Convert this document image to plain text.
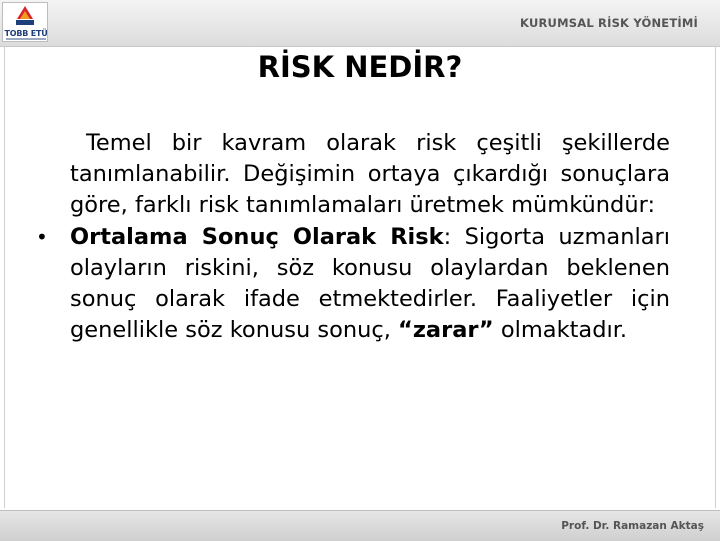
TOBB ETÜ
KURUMSAL RİSK YÖNETİMİ
RİSK NEDİR?

Temel bir kavram olarak risk çeşitli şekillerde tanımlanabilir. Değişimin ortaya çıkardığı sonuçlara göre, farklı risk tanımlamaları üretmek mümkündür:

• Ortalama Sonuç Olarak Risk: Sigorta uzmanları olayların riskini, söz konusu olaylardan beklenen sonuç olarak ifade etmektedirler. Faaliyetler için genellikle söz konusu sonuç, “zarar” olmaktadır.

Prof. Dr. Ramazan Aktaş
